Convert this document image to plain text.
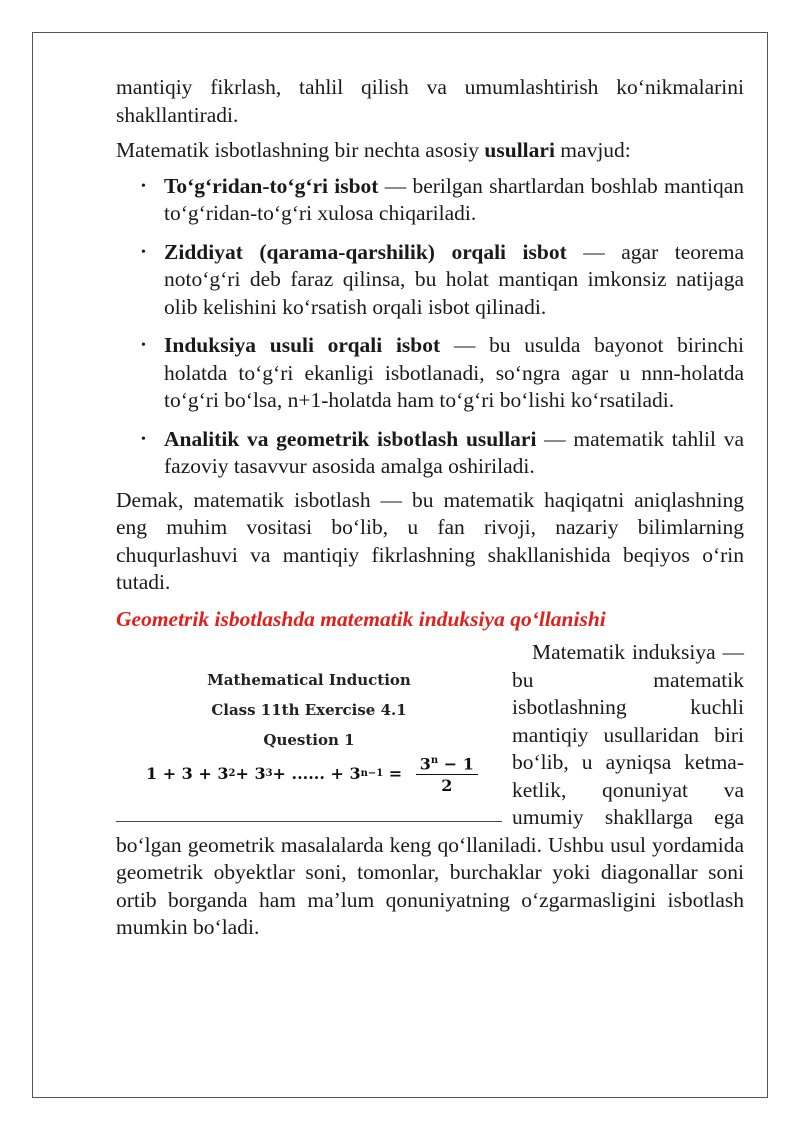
mantiqiy fikrlash, tahlil qilish va umumlashtirish ko‘nikmalarini shakllantiradi.

Matematik isbotlashning bir nechta asosiy usullari mavjud:

• To‘g‘ridan-to‘g‘ri isbot — berilgan shartlardan boshlab mantiqan to‘g‘ridan-to‘g‘ri xulosa chiqariladi.
• Ziddiyat (qarama-qarshilik) orqali isbot — agar teorema noto‘g‘ri deb faraz qilinsa, bu holat mantiqan imkonsiz natijaga olib kelishini ko‘rsatish orqali isbot qilinadi.
• Induksiya usuli orqali isbot — bu usulda bayonot birinchi holatda to‘g‘ri ekanligi isbotlanadi, so‘ngra agar u nnn-holatda to‘g‘ri bo‘lsa, n+1-holatda ham to‘g‘ri bo‘lishi ko‘rsatiladi.
• Analitik va geometrik isbotlash usullari — matematik tahlil va fazoviy tasavvur asosida amalga oshiriladi.

Demak, matematik isbotlash — bu matematik haqiqatni aniqlashning eng muhim vositasi bo‘lib, u fan rivoji, nazariy bilimlarning chuqurlashuvi va mantiqiy fikrlashning shakllanishida beqiyos o‘rin tutadi.

Geometrik isbotlashda matematik induksiya qo‘llanishi
Mathematical Induction
Class 11th Exercise 4.1
Question 1
1 + 3 + 3 2 + 3 3 + ...... + 3 $n-1 = \frac{3^n - 1}{2}$

Matematik induksiya — bu matematik isbotlashning kuchli mantiqiy usullaridan biri bo‘lib, u ayniqsa ketma-ketlik, qonuniyat va umumiy shakllarga ega bo‘lgan geometrik masalalarda keng qo‘llaniladi. Ushbu usul yordamida geometrik obyektlar soni, tomonlar, burchaklar yoki diagonallar soni ortib borganda ham ma’lum qonuniyatning o‘zgarmasligini isbotlash mumkin bo‘ladi.
